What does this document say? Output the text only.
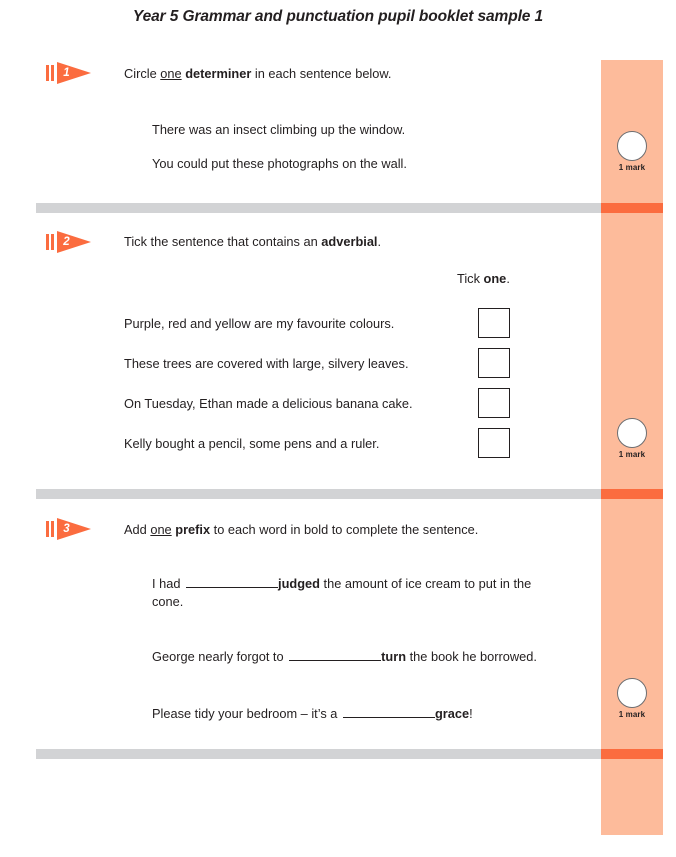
Year 5 Grammar and punctuation pupil booklet sample 1
1 mark
1 mark
1 mark
1	Circle one determiner in each sentence below.
There was an insect climbing up the window.
You could put these photographs on the wall.
2	Tick the sentence that contains an adverbial.
Tick one.
Purple, red and yellow are my favourite colours.
These trees are covered with large, silvery leaves.
On Tuesday, Ethan made a delicious banana cake.
Kelly bought a pencil, some pens and a ruler.
3	Add one prefix to each word in bold to complete the sentence.
I had	judged the amount of ice cream to put in the cone.
George nearly forgot to	turn the book he borrowed.
Please tidy your bedroom – it’s a	grace!
